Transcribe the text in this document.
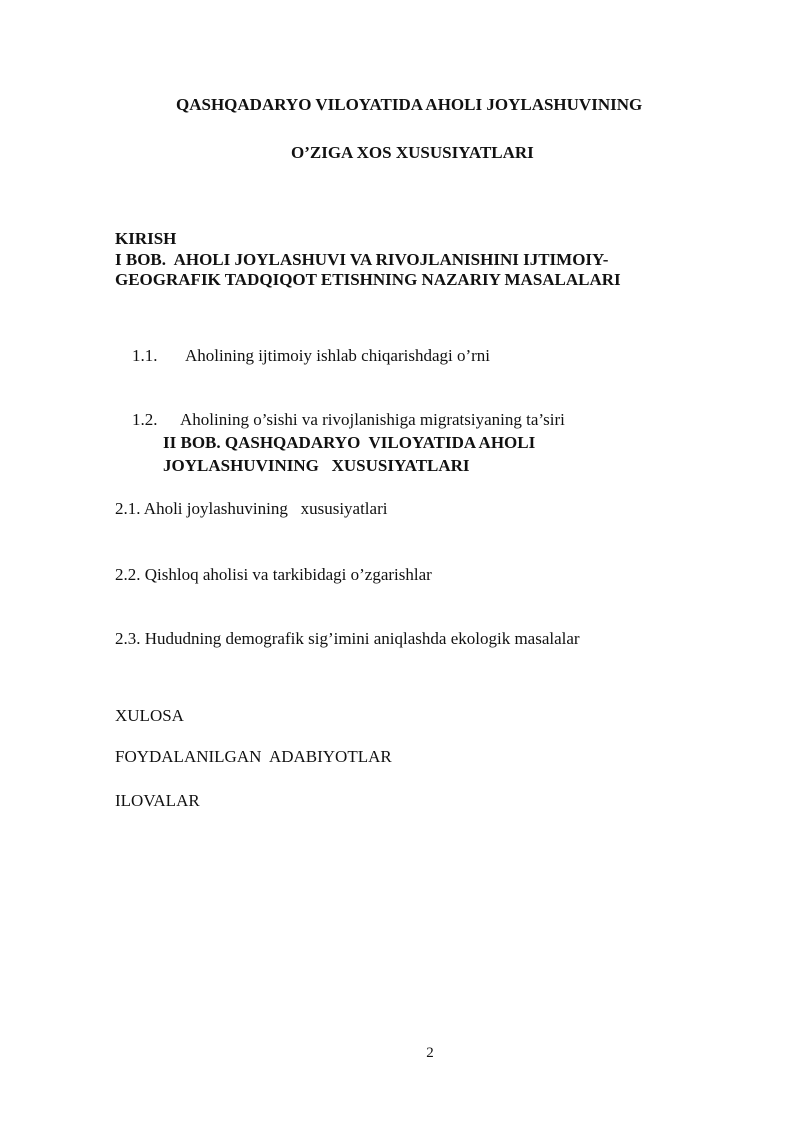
QASHQADARYO VILOYATIDA AHOLI JOYLASHUVINING
O’ZIGA XOS XUSUSIYATLARI
KIRISH
I BOB.  AHOLI JOYLASHUVI VA RIVOJLANISHINI IJTIMOIY-
GEOGRAFIK TADQIQOT ETISHNING NAZARIY MASALALARI

1.1. Aholining ijtimoiy ishlab chiqarishdagi o’rni

1.2. Aholining o’sishi va rivojlanishiga migratsiyaning ta’siri

II BOB. QASHQADARYO  VILOYATIDA AHOLI
JOYLASHUVINING   XUSUSIYATLARI
2.1. Aholi joylashuvining   xususiyatlari
2.2. Qishloq aholisi va tarkibidagi o’zgarishlar
2.3. Hududning demografik sig’imini aniqlashda ekologik masalalar
XULOSA
FOYDALANILGAN  ADABIYOTLAR
ILOVALAR
2
